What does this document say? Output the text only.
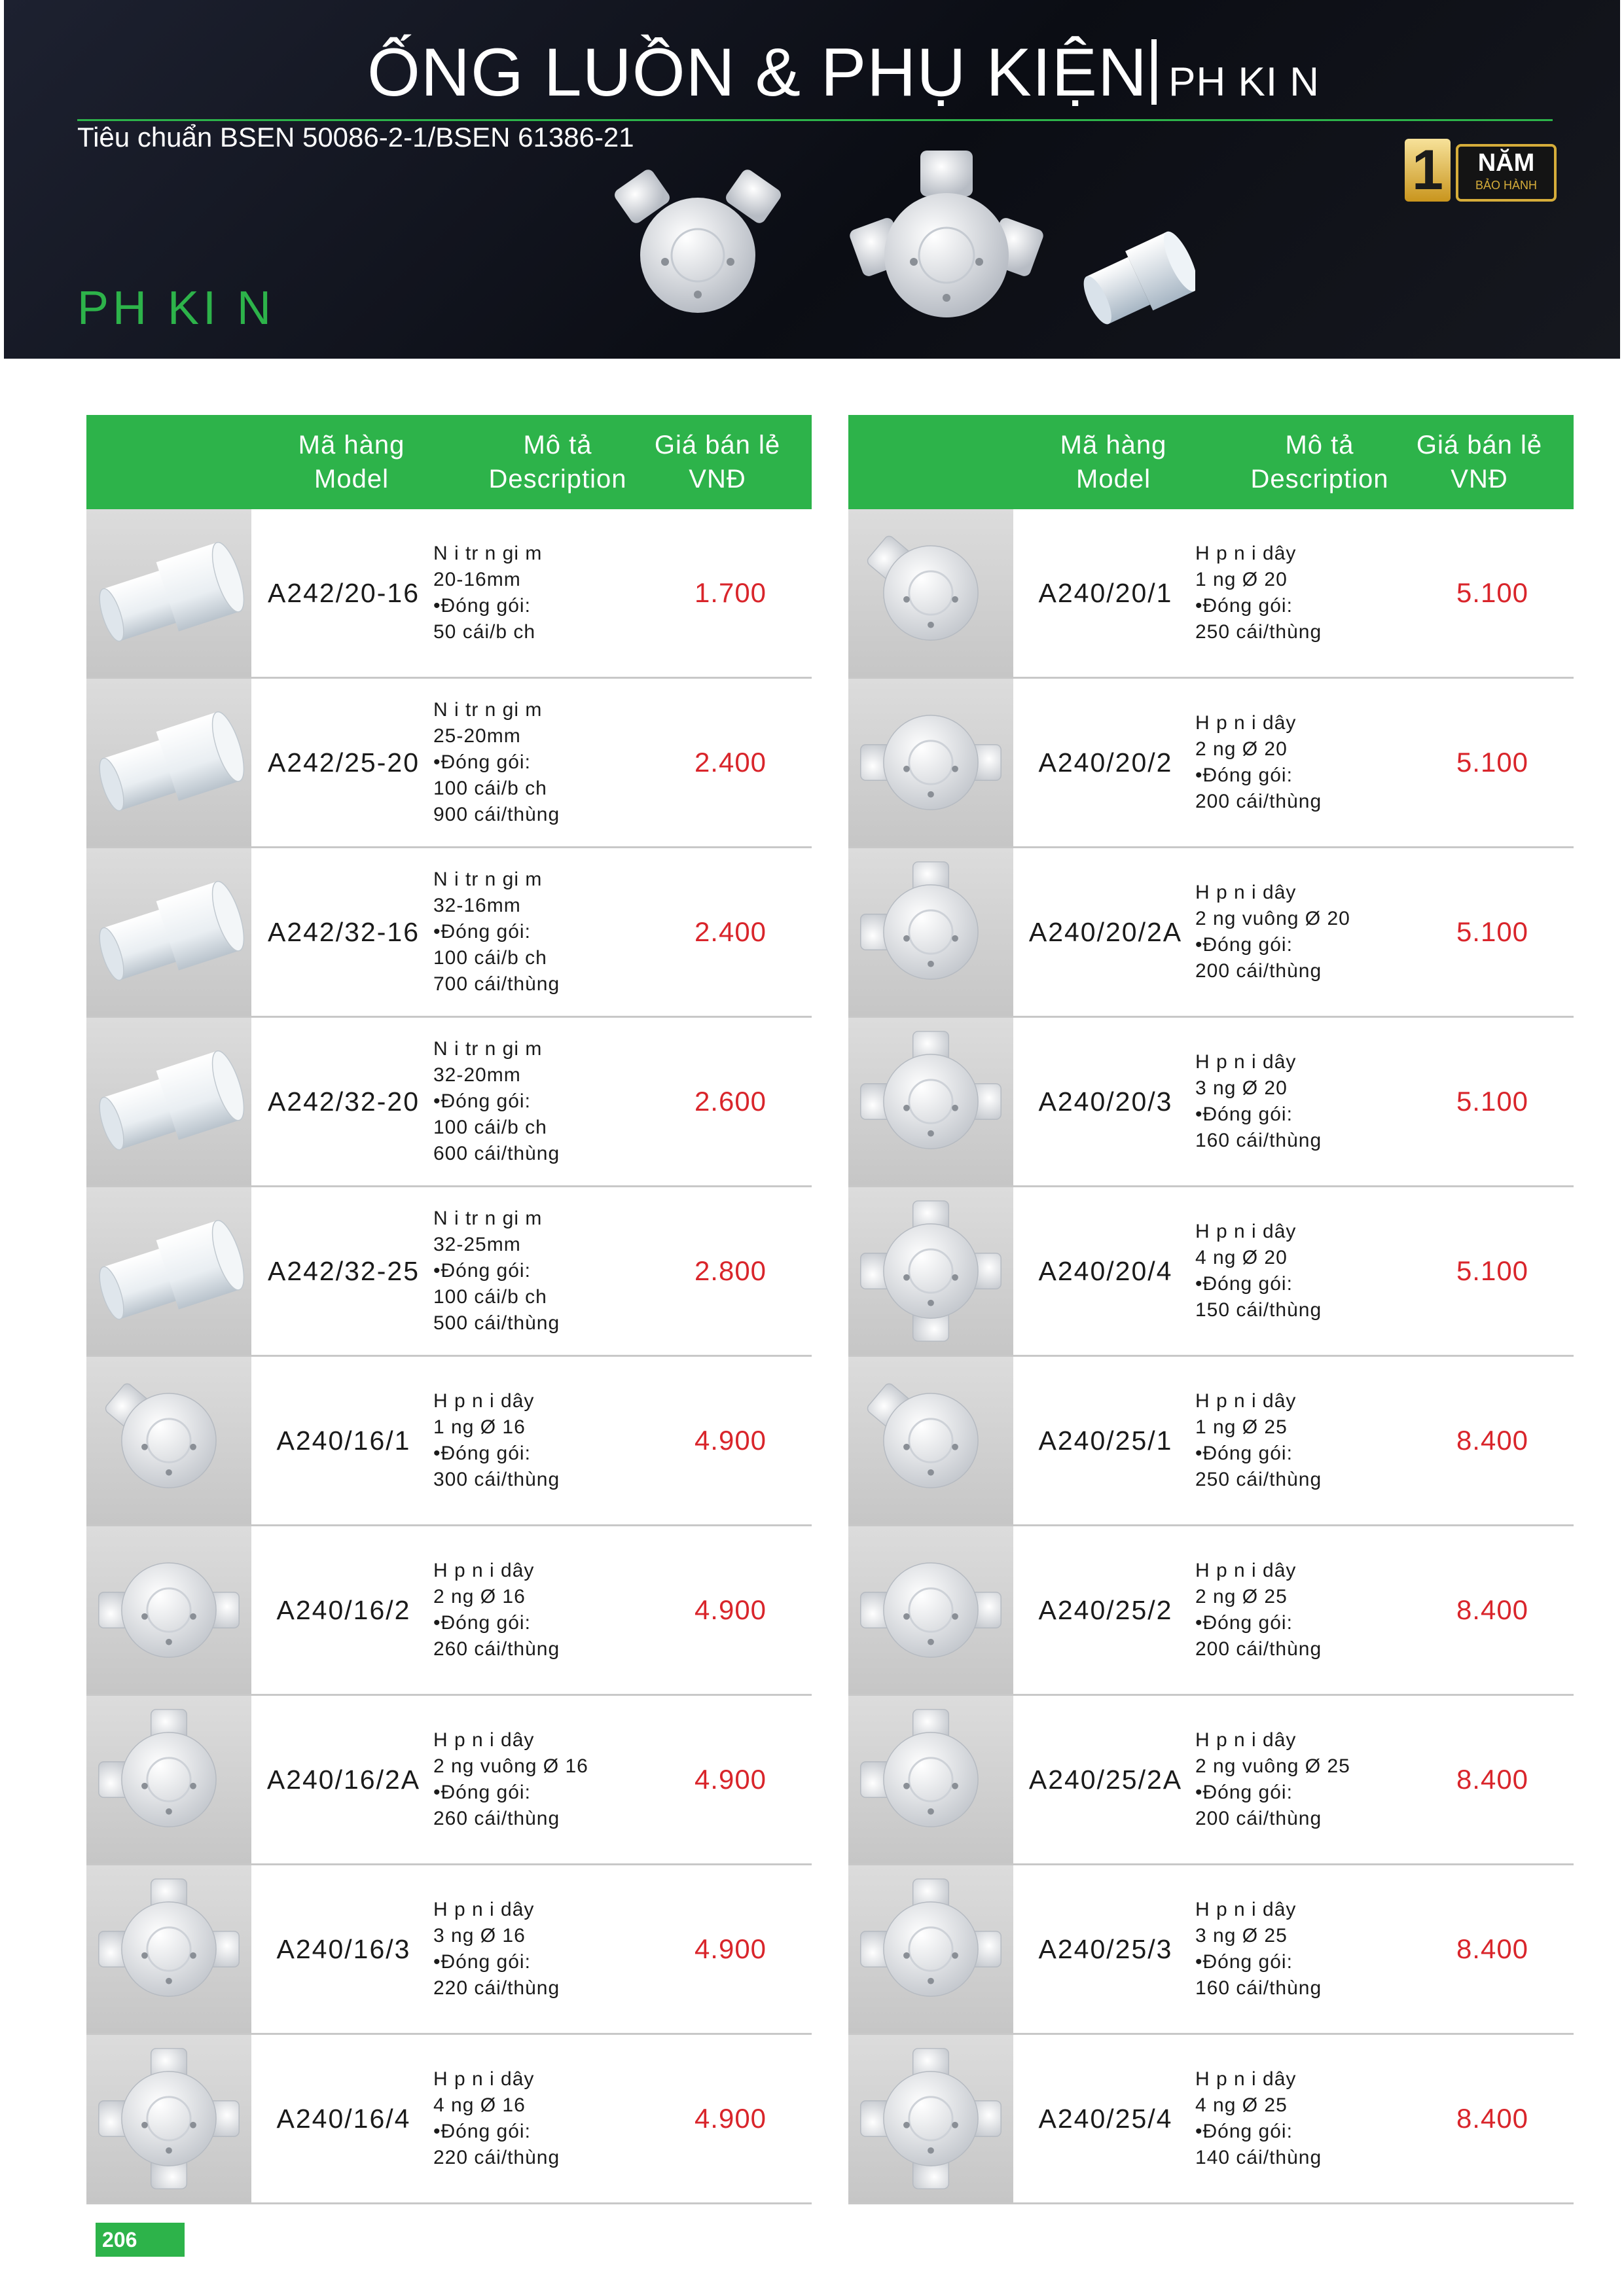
ỐNG LUỒN & PHỤ KIỆN PH KI N
Tiêu chuẩn BSEN 50086-2-1/BSEN 61386-21
PH KI N
1	NĂM
BẢO HÀNH
Mã hàng
Model
Mô tả
Description
Giá bán lẻ
VNĐ
A242/20-16
N i tr n gi m
20-16mm
•Đóng gói:
50 cái/b ch
1.700
A242/25-20
N i tr n gi m
25-20mm
•Đóng gói:
100 cái/b ch
900 cái/thùng
2.400
A242/32-16
N i tr n gi m
32-16mm
•Đóng gói:
100 cái/b ch
700 cái/thùng
2.400
A242/32-20
N i tr n gi m
32-20mm
•Đóng gói:
100 cái/b ch
600 cái/thùng
2.600
A242/32-25
N i tr n gi m
32-25mm
•Đóng gói:
100 cái/b ch
500 cái/thùng
2.800
A240/16/1
H p n i dây
1 ng Ø 16
•Đóng gói:
300 cái/thùng
4.900
A240/16/2
H p n i dây
2 ng Ø 16
•Đóng gói:
260 cái/thùng
4.900
A240/16/2A
H p n i dây
2 ng vuông Ø 16
•Đóng gói:
260 cái/thùng
4.900
A240/16/3
H p n i dây
3 ng Ø 16
•Đóng gói:
220 cái/thùng
4.900
A240/16/4
H p n i dây
4 ng Ø 16
•Đóng gói:
220 cái/thùng
4.900
Mã hàng
Model
Mô tả
Description
Giá bán lẻ
VNĐ
A240/20/1
H p n i dây
1 ng Ø 20
•Đóng gói:
250 cái/thùng
5.100
A240/20/2
H p n i dây
2 ng Ø 20
•Đóng gói:
200 cái/thùng
5.100
A240/20/2A
H p n i dây
2 ng vuông Ø 20
•Đóng gói:
200 cái/thùng
5.100
A240/20/3
H p n i dây
3 ng Ø 20
•Đóng gói:
160 cái/thùng
5.100
A240/20/4
H p n i dây
4 ng Ø 20
•Đóng gói:
150 cái/thùng
5.100
A240/25/1
H p n i dây
1 ng Ø 25
•Đóng gói:
250 cái/thùng
8.400
A240/25/2
H p n i dây
2 ng Ø 25
•Đóng gói:
200 cái/thùng
8.400
A240/25/2A
H p n i dây
2 ng vuông Ø 25
•Đóng gói:
200 cái/thùng
8.400
A240/25/3
H p n i dây
3 ng Ø 25
•Đóng gói:
160 cái/thùng
8.400
A240/25/4
H p n i dây
4 ng Ø 25
•Đóng gói:
140 cái/thùng
8.400
206
